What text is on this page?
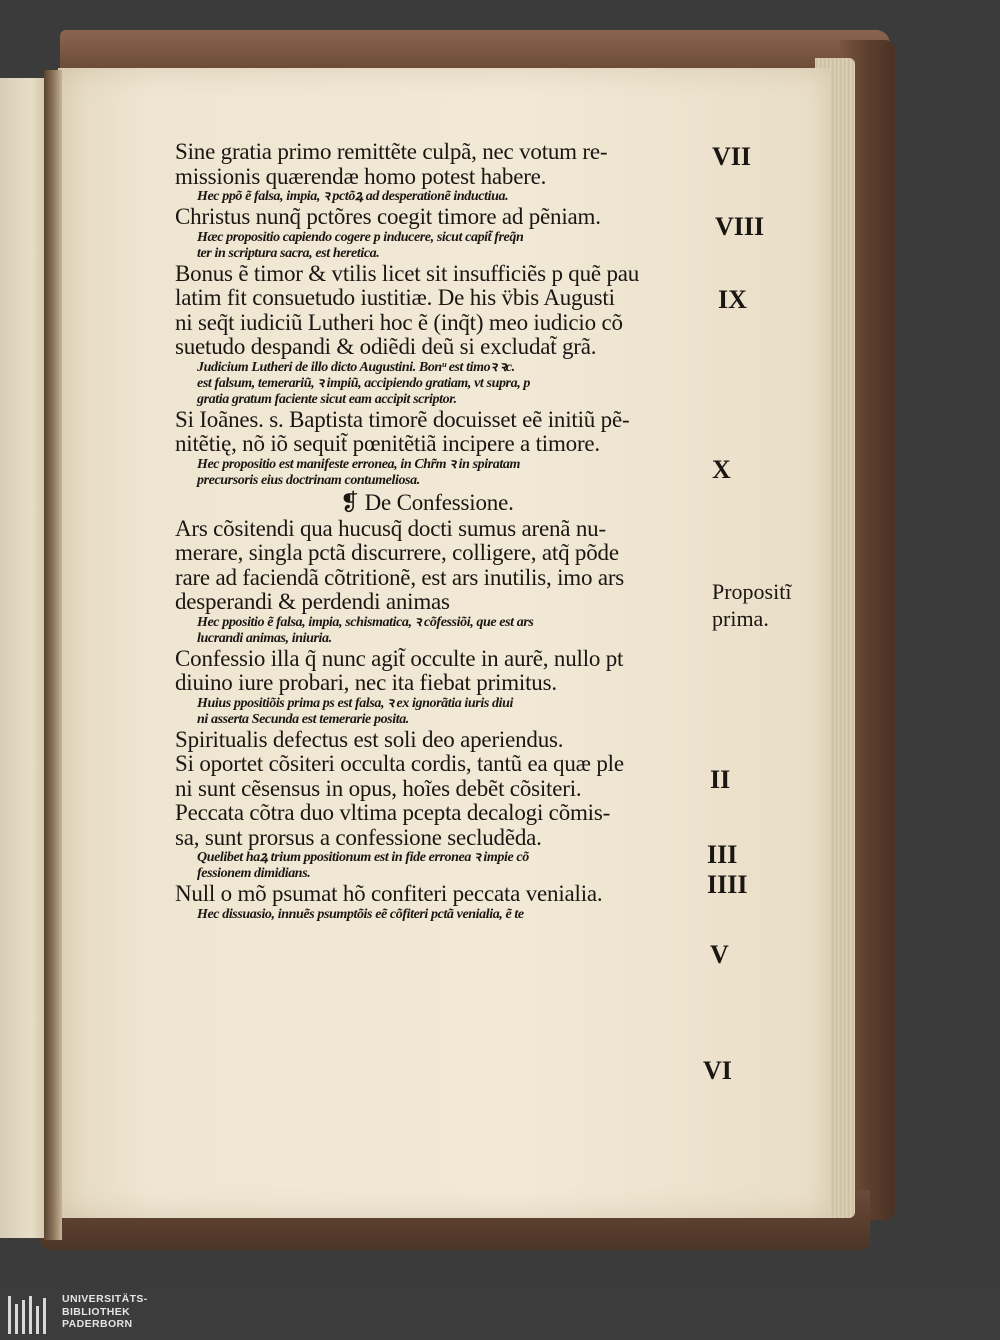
Sine gratia primo remittẽte culpã, nec votum re-
missionis quærendæ homo potest habere.
Hec ppõ ẽ falsa, impia, ꝛ pctõꝝ ad desperationẽ inductiua.
Christus nunq̃ pctõres coegit timore ad pẽniam.
Hæc propositio capiendo cogere p inducere, sicut capit̃ freq̃n
ter in scriptura sacra, est heretica.
Bonus ẽ timor & vtilis licet sit insufficiẽs p quẽ pau
latim fit consuetudo iustitiæ. De his v̈bis Augusti
ni seq̃t iudiciũ Lutheri hoc ẽ (inq̃t) meo iudicio cõ
suetudo despandi & odiẽdi deũ si excludat̃ grã.
Judicium Lutheri de illo dicto Augustini. Bonᵘ est timoꝛ ꝛc.
est falsum, temerariũ, ꝛ impiũ, accipiendo gratiam, vt supra, p
gratia gratum faciente sicut eam accipit scriptor.
Si Ioãnes. s. Baptista timorẽ docuisset eẽ initiũ pẽ-
nitẽtię, nõ iõ sequit̃ pœnitẽtiã incipere a timore.
Hec propositio est manifeste erronea, in Chr̃m ꝛ in spiratam
precursoris eius doctrinam contumeliosa.
❡ De Confessione.
Ars cõsitendi qua hucusq̃ docti sumus arenã nu-
merare, singla pctã discurrere, colligere, atq̃ põde
rare ad faciendã cõtritionẽ, est ars inutilis, imo ars
desperandi & perdendi animas
Hec ppositio ẽ falsa, impia, schismatica, ꝛ cõfessiõi, que est ars
lucrandi animas, iniuria.
Confessio illa q̃ nunc agit̃ occulte in aurẽ, nullo pt
diuino iure probari, nec ita fiebat primitus.
Huius ppositiõis prima ps est falsa, ꝛ ex ignorãtia iuris diui
ni asserta Secunda est temerarie posita.
Spiritualis defectus est soli deo aperiendus.
Si oportet cõsiteri occulta cordis, tantũ ea quæ ple
ni sunt cẽsensus in opus, hoĩes debẽt cõsiteri.
Peccata cõtra duo vltima pcepta decalogi cõmis-
sa, sunt prorsus a confessione secludẽda.
Quelibet haꝝ trium ppositionum est in fide erronea ꝛ impie cõ
fessionem dimidians.
Null o mõ psumat hõ confiteri peccata venialia.
Hec dissuasio, innuẽs psumptõis eẽ cõfiteri pctã venialia, ẽ te
VII
VIII
IX
X
Propositĩ
prima.
II
III
IIII
V
VI
UNIVERSITÄTS-
BIBLIOTHEK
PADERBORN
